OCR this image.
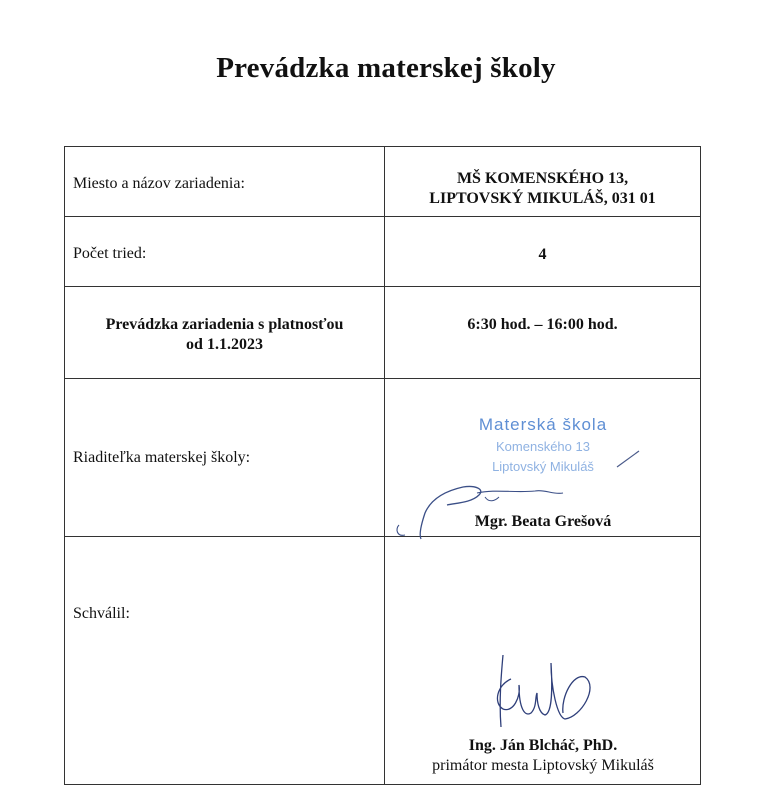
Prevádzka materskej školy
Miesto a názov zariadenia:	MŠ KOMENSKÉHO 13,
LIPTOVSKÝ MIKULÁŠ, 031 01

Počet tried:	4

Prevádzka zariadenia s platnosťou
od 1.1.2023	6:30 hod. – 16:00 hod.

Riaditeľka materskej školy:	Materská škola
Komenského 13
Liptovský Mikuláš
Mgr. Beata Grešová

Schválil:	Ing. Ján Blcháč, PhD.
primátor mesta Liptovský Mikuláš
